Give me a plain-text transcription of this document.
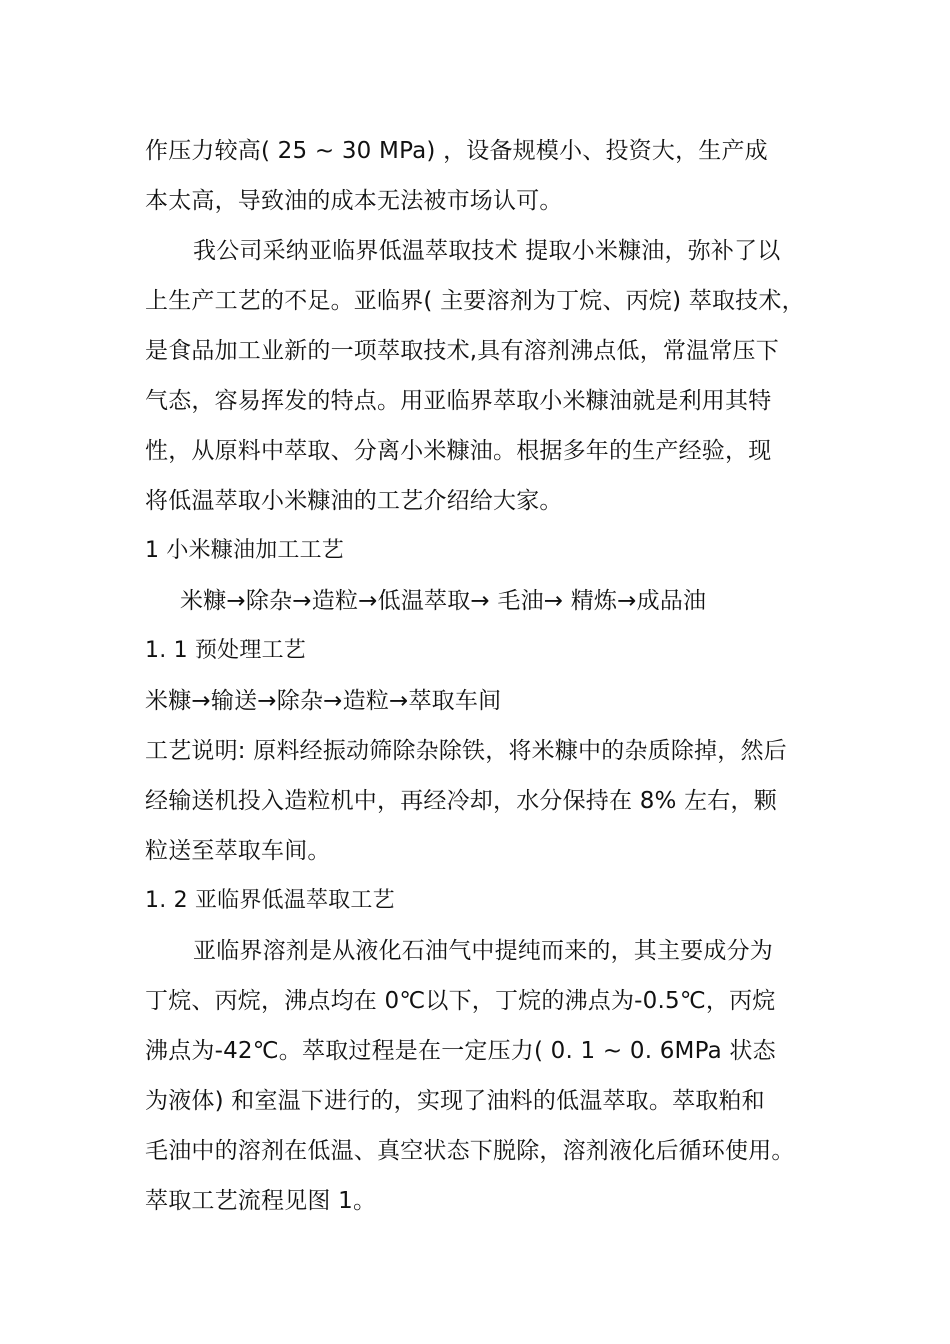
作压力较高( 25 ~ 30 MPa) ，设备规模小、投资大，生产成
本太高，导致油的成本无法被市场认可。
我公司采纳亚临界低温萃取技术 提取小米糠油，弥补了以
上生产工艺的不足。亚临界( 主要溶剂为丁烷、丙烷) 萃取技术，
是食品加工业新的一项萃取技术,具有溶剂沸点低，常温常压下
气态，容易挥发的特点。用亚临界萃取小米糠油就是利用其特
性，从原料中萃取、分离小米糠油。根据多年的生产经验，现
将低温萃取小米糠油的工艺介绍给大家。
1 小米糠油加工工艺
米糠→除杂→造粒→低温萃取→ 毛油→ 精炼→成品油
1. 1 预处理工艺
米糠→输送→除杂→造粒→萃取车间
工艺说明: 原料经振动筛除杂除铁，将米糠中的杂质除掉，然后
经输送机投入造粒机中，再经冷却，水分保持在 8% 左右，颗
粒送至萃取车间。
1. 2 亚临界低温萃取工艺
亚临界溶剂是从液化石油气中提纯而来的，其主要成分为
丁烷、丙烷，沸点均在 0℃以下，丁烷的沸点为-0.5℃，丙烷
沸点为-42℃。萃取过程是在一定压力( 0. 1 ~ 0. 6MPa 状态
为液体) 和室温下进行的，实现了油料的低温萃取。萃取粕和
毛油中的溶剂在低温、真空状态下脱除，溶剂液化后循环使用。
萃取工艺流程见图 1。
